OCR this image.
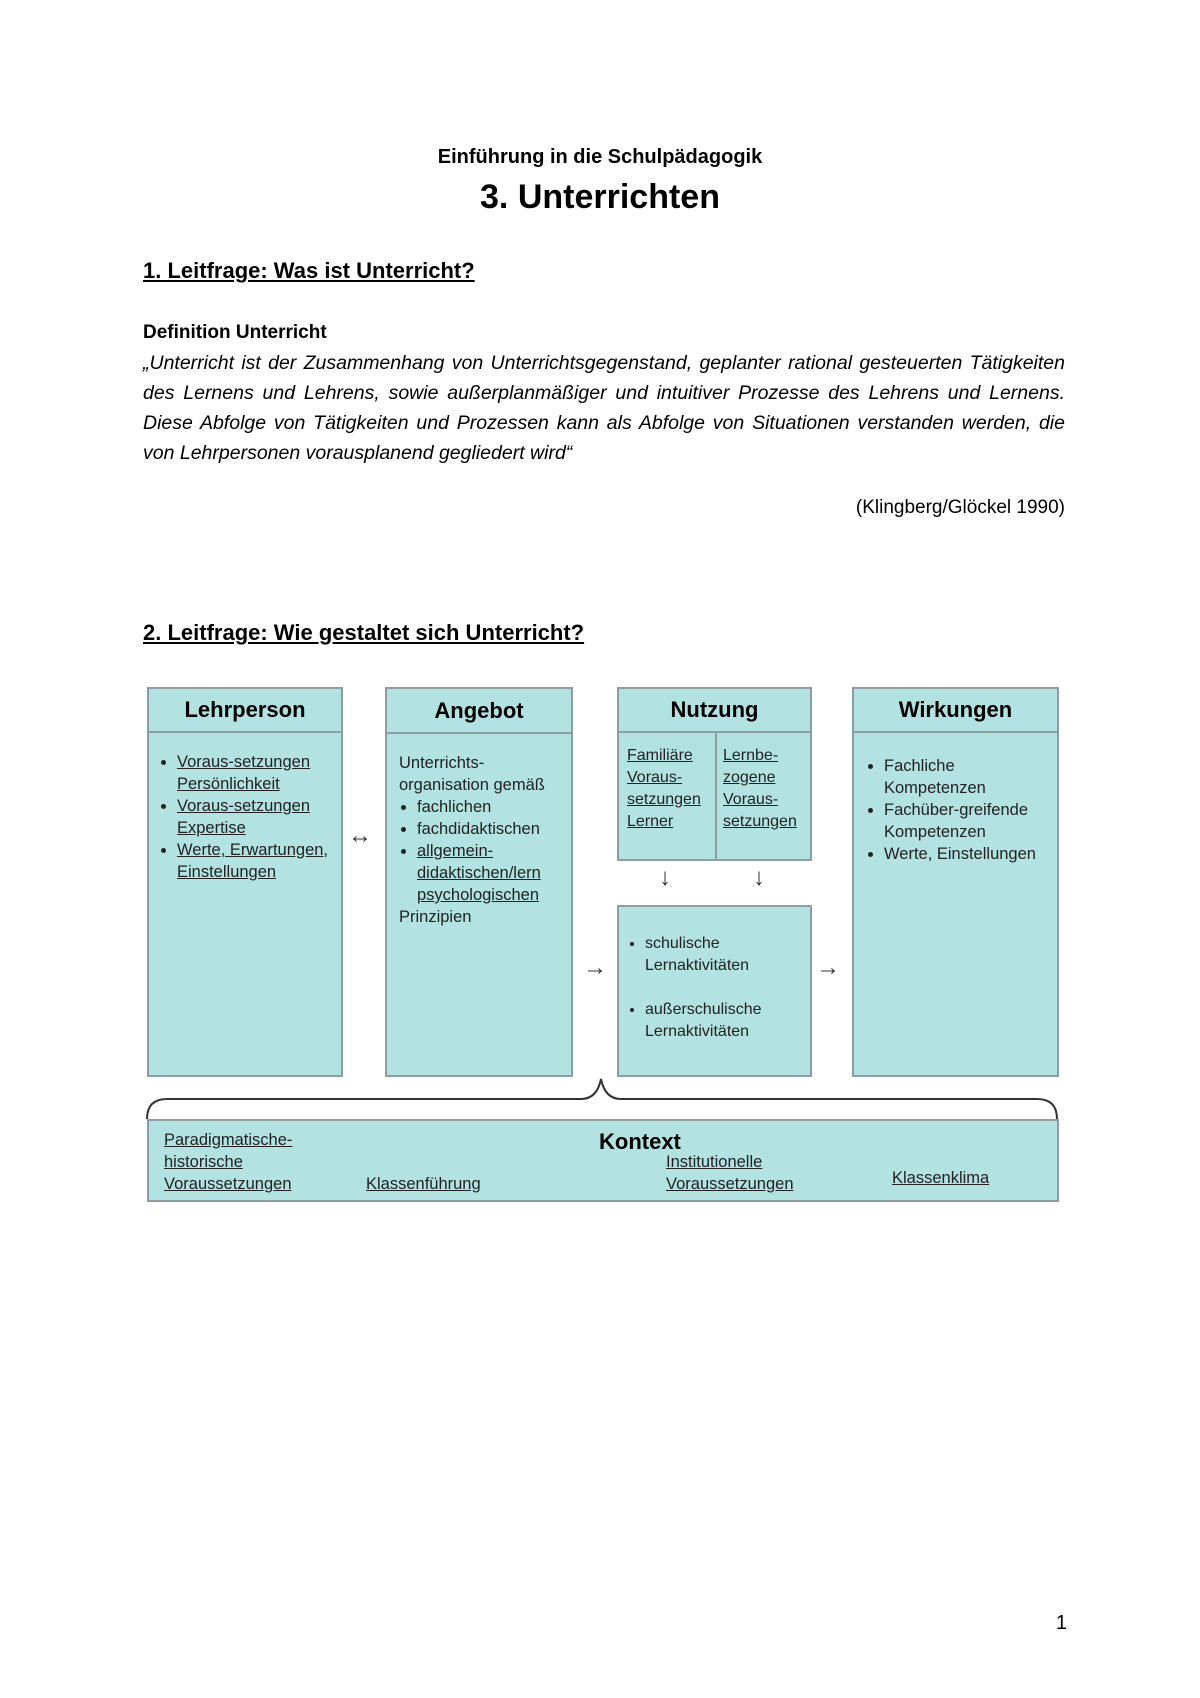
Einführung in die Schulpädagogik
3. Unterrichten
1. Leitfrage: Was ist Unterricht?
Definition Unterricht
„Unterricht ist der Zusammenhang von Unterrichtsgegenstand, geplanter rational gesteuerten Tätigkeiten des Lernens und Lehrens, sowie außerplanmäßiger und intuitiver Prozesse des Lehrens und Lernens. Diese Abfolge von Tätigkeiten und Prozessen kann als Abfolge von Situationen verstanden werden, die von Lehrpersonen vorausplanend gegliedert wird“
(Klingberg/Glöckel 1990)
2. Leitfrage: Wie gestaltet sich Unterricht?
Lehrperson
• Voraus-setzungen Persönlichkeit
• Voraus-setzungen Expertise
• Werte, Erwartungen, Einstellungen
↔
Angebot
Unterrichts-organisation gemäß
• fachlichen
• fachdidaktischen
• allgemein-didaktischen/lern psychologischen
Prinzipien
→
Nutzung
Familiäre Voraus-setzungen Lerner
Lernbe-zogene Voraus-setzungen
↓	↓
• schulische Lernaktivitäten
• außerschulische Lernaktivitäten
→
Wirkungen
• Fachliche Kompetenzen
• Fachüber-greifende Kompetenzen
• Werte, Einstellungen
Kontext
Paradigmatische-historische Voraussetzungen	Klassenführung
Institutionelle Voraussetzungen	Klassenklima
1
